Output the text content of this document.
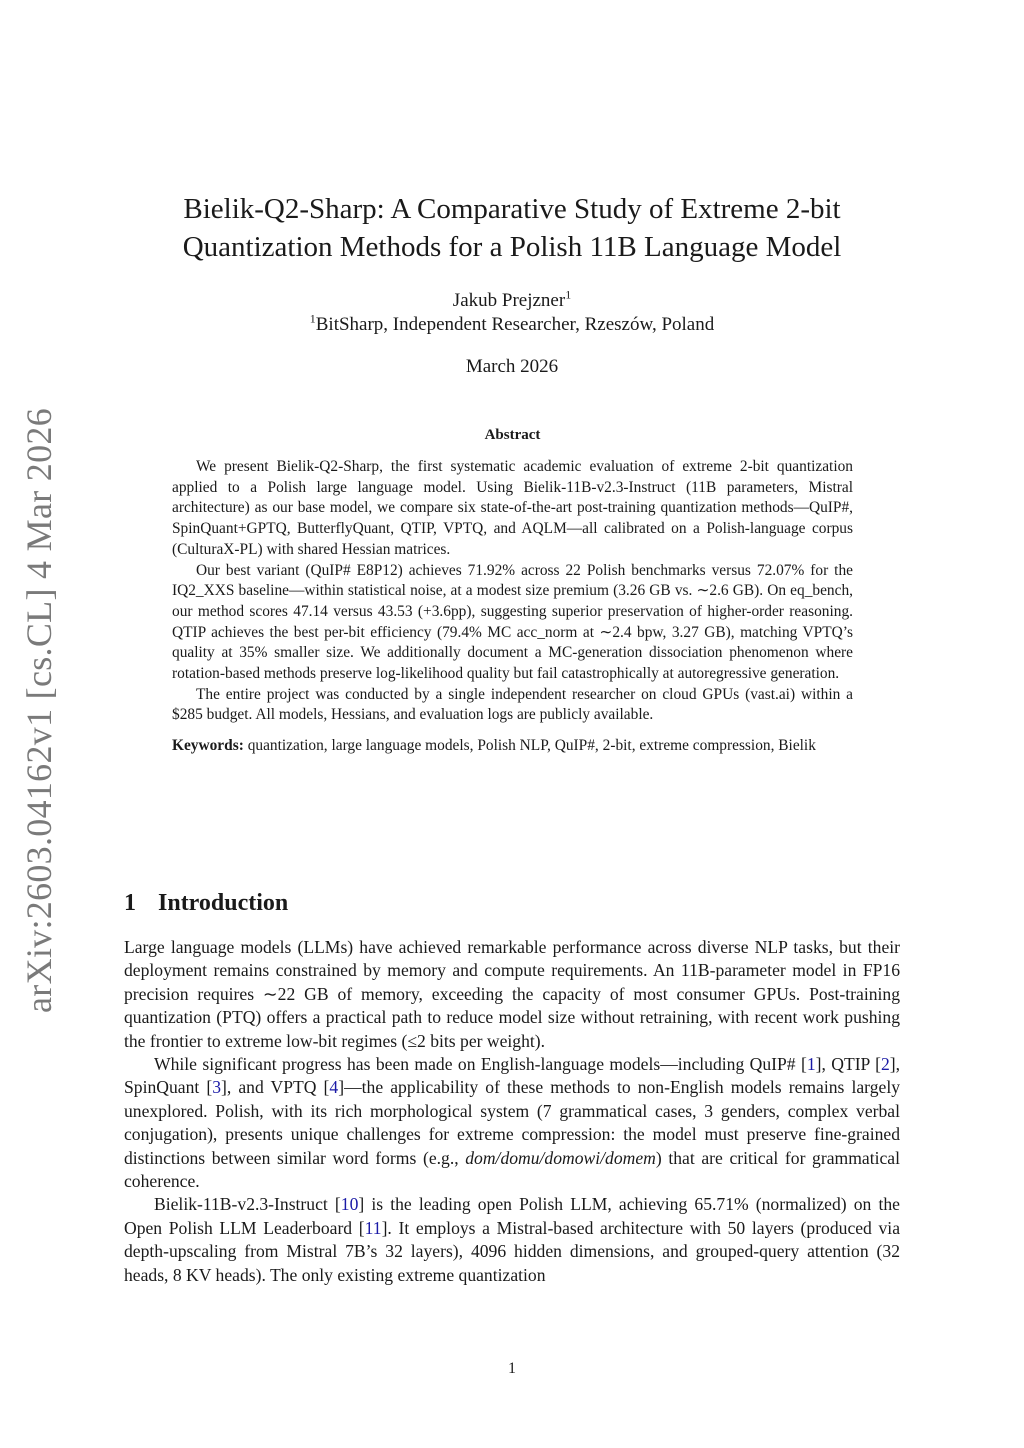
arXiv:2603.04162v1 [cs.CL] 4 Mar 2026
Bielik-Q2-Sharp: A Comparative Study of Extreme 2-bit
Quantization Methods for a Polish 11B Language Model
Jakub Prejzner$^1$
$^1$BitSharp, Independent Researcher, Rzeszów, Poland
March 2026
Abstract

We present Bielik-Q2-Sharp, the first systematic academic evaluation of extreme 2-bit quantization applied to a Polish large language model. Using Bielik-11B-v2.3-Instruct (11B parameters, Mistral architecture) as our base model, we compare six state-of-the-art post-training quantization methods—QuIP#, SpinQuant+GPTQ, ButterflyQuant, QTIP, VPTQ, and AQLM—all calibrated on a Polish-language corpus (CulturaX-PL) with shared Hessian matrices.

Our best variant (QuIP# E8P12) achieves 71.92% across 22 Polish benchmarks versus 72.07% for the IQ2_XXS baseline—within statistical noise, at a modest size premium (3.26 GB vs. ∼2.6 GB). On eq_bench, our method scores 47.14 versus 43.53 (+3.6pp), suggesting superior preservation of higher-order reasoning. QTIP achieves the best per-bit efficiency (79.4% MC acc_norm at ∼2.4 bpw, 3.27 GB), matching VPTQ’s quality at 35% smaller size. We additionally document a MC-generation dissociation phenomenon where rotation-based methods preserve log-likelihood quality but fail catastrophically at autoregressive generation.

The entire project was conducted by a single independent researcher on cloud GPUs (vast.ai) within a $285 budget. All models, Hessians, and evaluation logs are publicly available.

Keywords: quantization, large language models, Polish NLP, QuIP#, 2-bit, extreme compression, Bielik

1 Introduction

Large language models (LLMs) have achieved remarkable performance across diverse NLP tasks, but their deployment remains constrained by memory and compute requirements. An 11B-parameter model in FP16 precision requires ∼22 GB of memory, exceeding the capacity of most consumer GPUs. Post-training quantization (PTQ) offers a practical path to reduce model size without retraining, with recent work pushing the frontier to extreme low-bit regimes (≤2 bits per weight).

While significant progress has been made on English-language models—including QuIP# [1], QTIP [2], SpinQuant [3], and VPTQ [4]—the applicability of these methods to non-English models remains largely unexplored. Polish, with its rich morphological system (7 grammatical cases, 3 genders, complex verbal conjugation), presents unique challenges for extreme compression: the model must preserve fine-grained distinctions between similar word forms (e.g., dom/domu/domowi/domem) that are critical for grammatical coherence.

Bielik-11B-v2.3-Instruct [10] is the leading open Polish LLM, achieving 65.71% (normalized) on the Open Polish LLM Leaderboard [11]. It employs a Mistral-based architecture with 50 layers (produced via depth-upscaling from Mistral 7B’s 32 layers), 4096 hidden dimensions, and grouped-query attention (32 heads, 8 KV heads). The only existing extreme quantization

1
